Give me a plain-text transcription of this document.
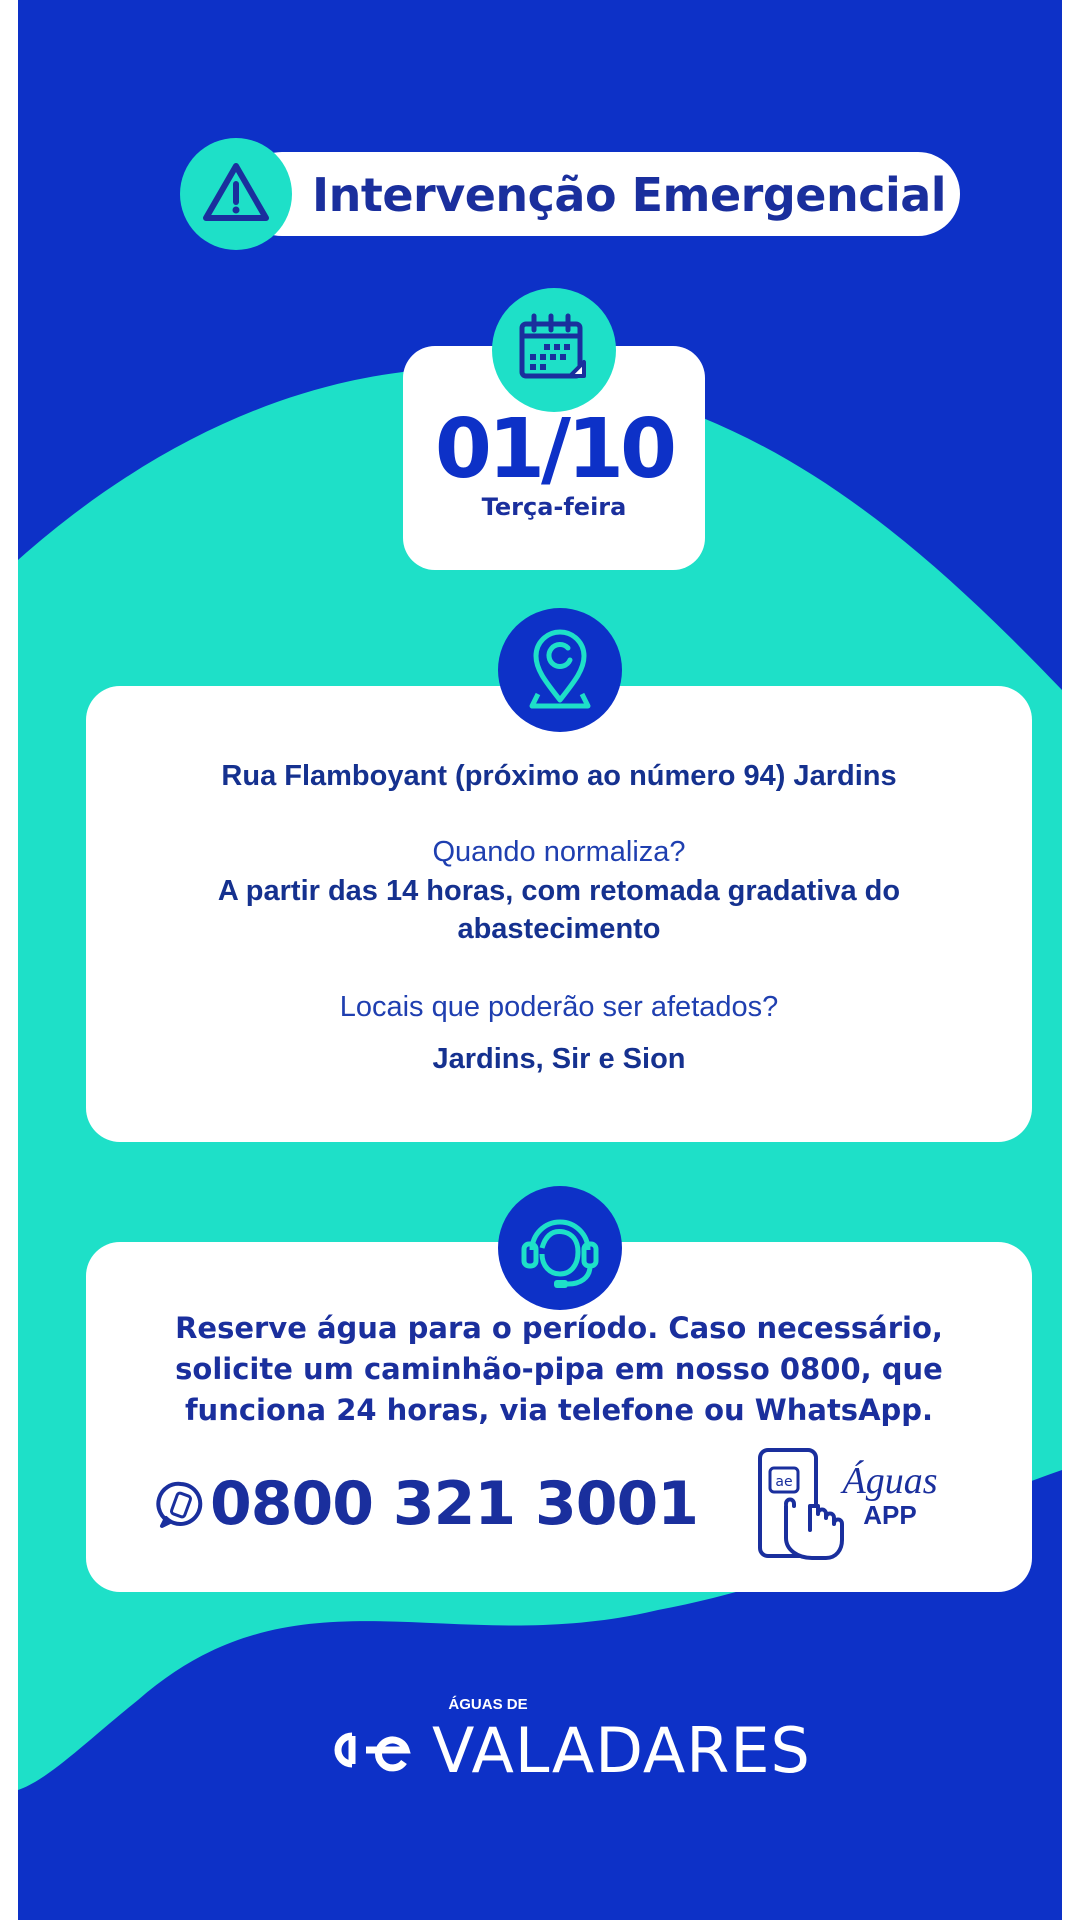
Intervenção Emergencial
01/10
Terça-feira
Rua Flamboyant (próximo ao número 94) Jardins
Quando normaliza?
A partir das 14 horas, com retomada gradativa do
abastecimento
Locais que poderão ser afetados?
Jardins, Sir e Sion
Reserve água para o período. Caso necessário,
solicite um caminhão-pipa em nosso 0800, que
funciona 24 horas, via telefone ou WhatsApp.
0800 321 3001	ae	Águas
APP
ÁGUAS DE
VALADARES
